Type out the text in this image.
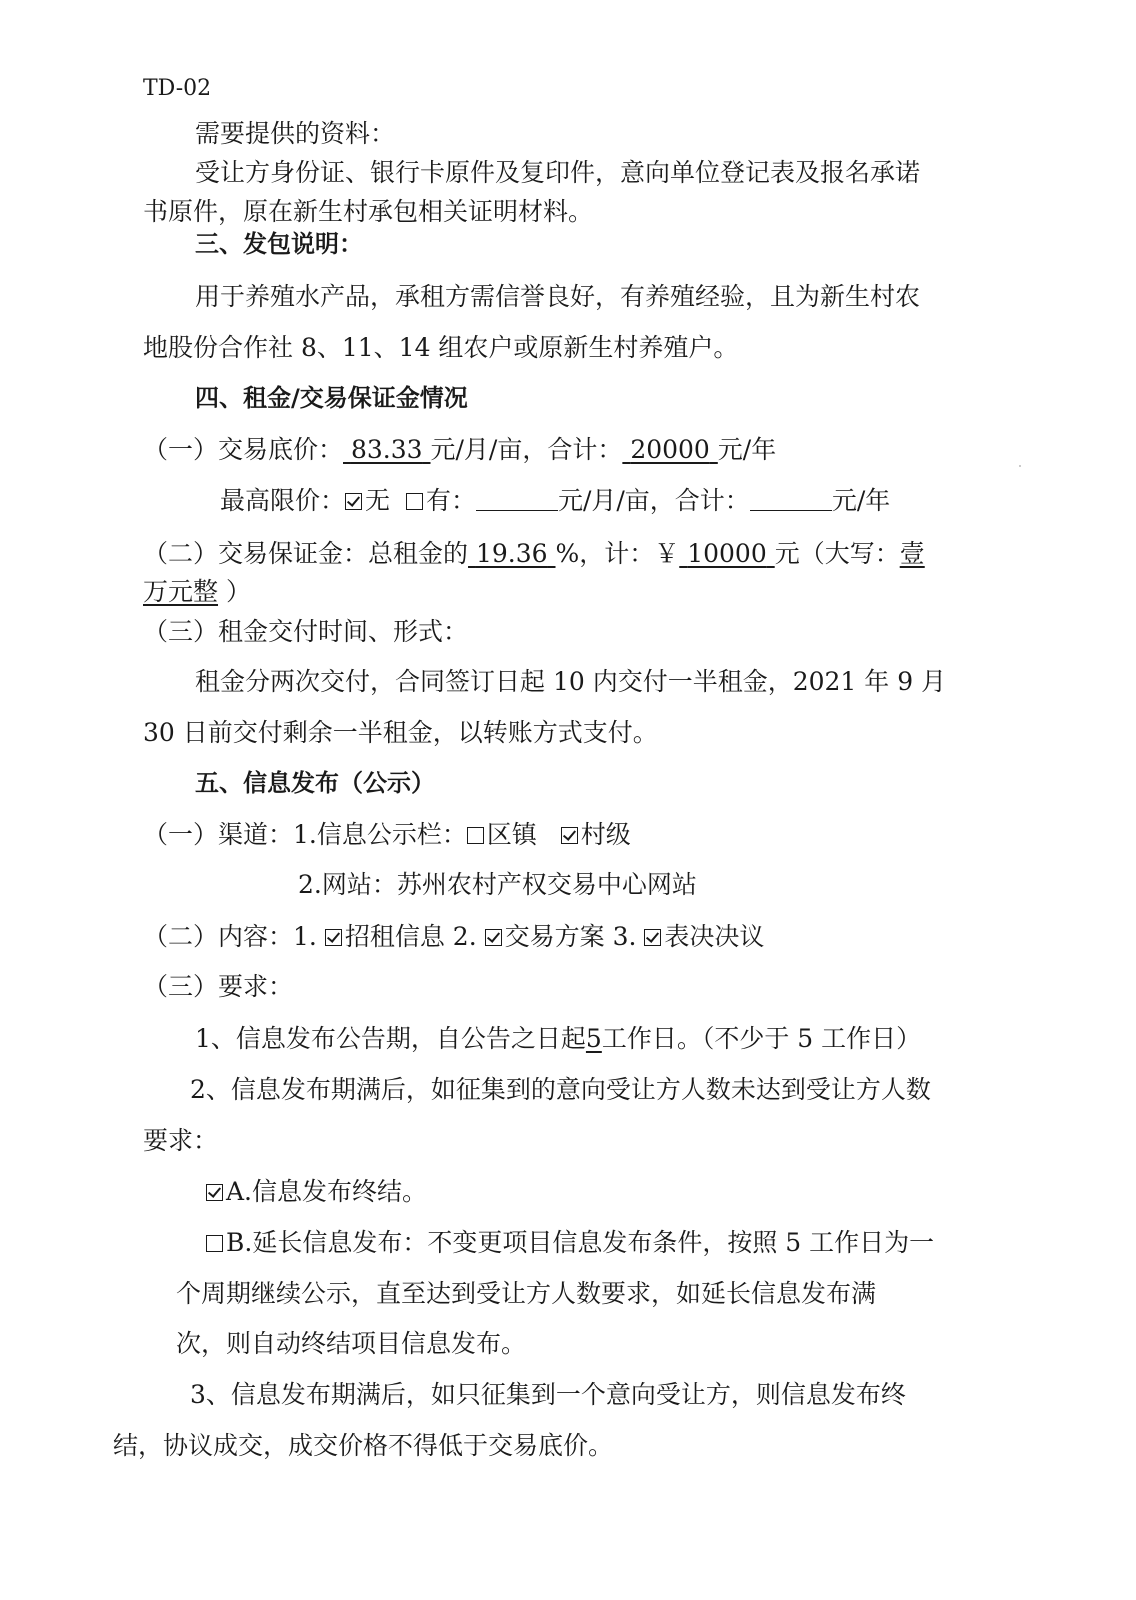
TD-02
需要提供的资料：
受让方身份证、银行卡原件及复印件，意向单位登记表及报名承诺
书原件，原在新生村承包相关证明材料。
三、发包说明：
用于养殖水产品，承租方需信誉良好，有养殖经验，且为新生村农
地股份合作社 8、11、14 组农户或原新生村养殖户。
四、租金/交易保证金情况
（一）交易底价： 83.33 元/月/亩，合计： 20000 元/年
最高限价： 无 有：	元/月/亩，合计：	元/年
（二）交易保证金：总租金的 19.36 %，计：￥ 10000 元（大写：壹
万元整 ）
（三）租金交付时间、形式：
租金分两次交付，合同签订日起 10 内交付一半租金，2021 年 9 月
30 日前交付剩余一半租金，以转账方式支付。
五、信息发布（公示）
（一）渠道：1.信息公示栏： 区镇 村级
2.网站：苏州农村产权交易中心网站
（二）内容：1. 招租信息 2. 交易方案 3. 表决决议
（三）要求：
1、信息发布公告期，自公告之日起5工作日。（不少于 5 工作日）
2、信息发布期满后，如征集到的意向受让方人数未达到受让方人数
要求：
A.信息发布终结。
B.延长信息发布：不变更项目信息发布条件，按照 5 工作日为一
个周期继续公示，直至达到受让方人数要求，如延长信息发布满
次，则自动终结项目信息发布。
3、信息发布期满后，如只征集到一个意向受让方，则信息发布终
结，协议成交，成交价格不得低于交易底价。
